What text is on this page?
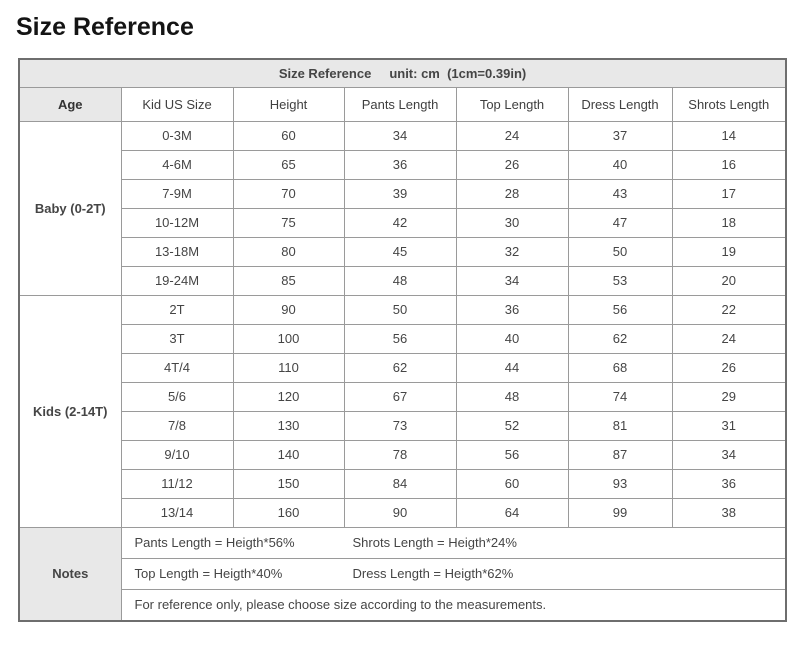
Size Reference
Size Reference unit: cm  (1cm=0.39in)						
Age	Kid US Size	Height	Pants Length	Top Length	Dress Length	Shrots Length
Baby (0-2T)	0-3M	60	34	24	37	14
	4-6M	65	36	26	40	16
	7-9M	70	39	28	43	17
	10-12M	75	42	30	47	18
	13-18M	80	45	32	50	19
	19-24M	85	48	34	53	20
Kids (2-14T)	2T	90	50	36	56	22
	3T	100	56	40	62	24
	4T/4	110	62	44	68	26
	5/6	120	67	48	74	29
	7/8	130	73	52	81	31
	9/10	140	78	56	87	34
	11/12	150	84	60	93	36
	13/14	160	90	64	99	38
Notes	Pants Length = Heigth*56% Shrots Length = Heigth*24%					
	Top Length = Heigth*40% Dress Length = Heigth*62%					
	For reference only, please choose size according to the measurements.					
